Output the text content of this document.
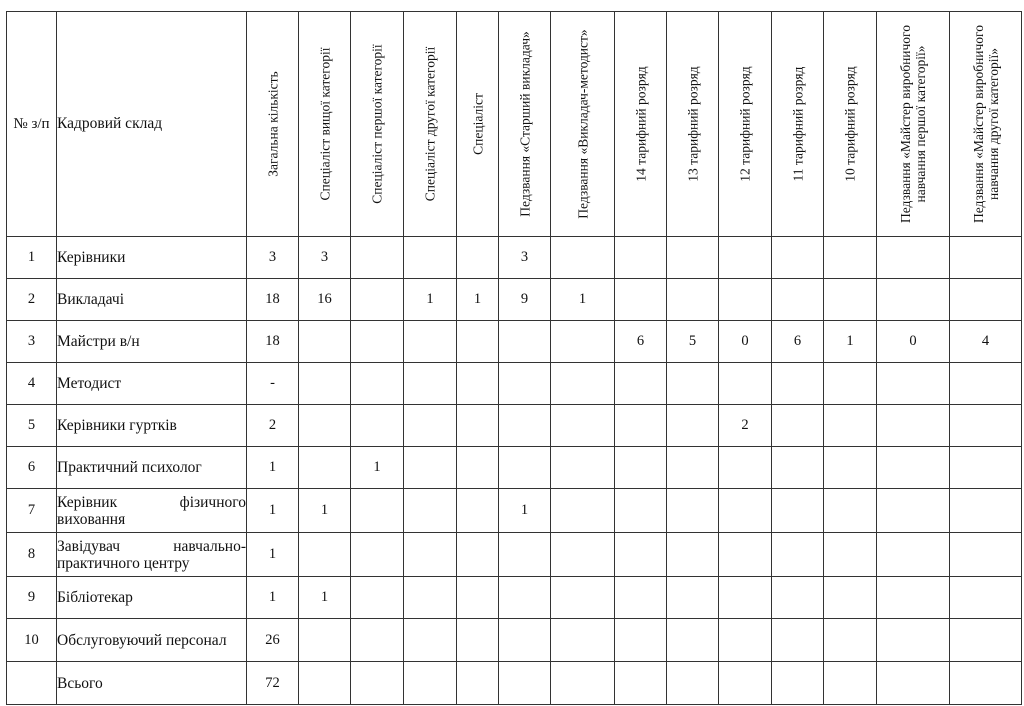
№ з/п	Кадровий склад	Загальна кількість	Спеціаліст вищої категорії	Спеціаліст першої категорії	Спеціаліст другої категорії	Спеціаліст	Педзвання «Старший викладач»	Педзвання «Викладач-методист»	14 тарифний розряд	13 тарифний розряд	12 тарифний розряд	11 тарифний розряд	10 тарифний розряд	Педзвання «Майстер виробничого навчання першої категорії»	Педзвання «Майстер виробничого навчання другої категорії»

1	Керівники	3	3				3								
2	Викладачі	18	16		1	1	9	1							
3	Майстри в/н	18							6	5	0	6	1	0	4
4	Методист	-													
5	Керівники гуртків	2									2				
6	Практичний психолог	1		1											
7	Керівник фізичного виховання	1	1				1								
8	Завідувач навчально-практичного центру	1													
9	Бібліотекар	1	1												
10	Обслуговуючий персонал	26													
	Всього	72													
